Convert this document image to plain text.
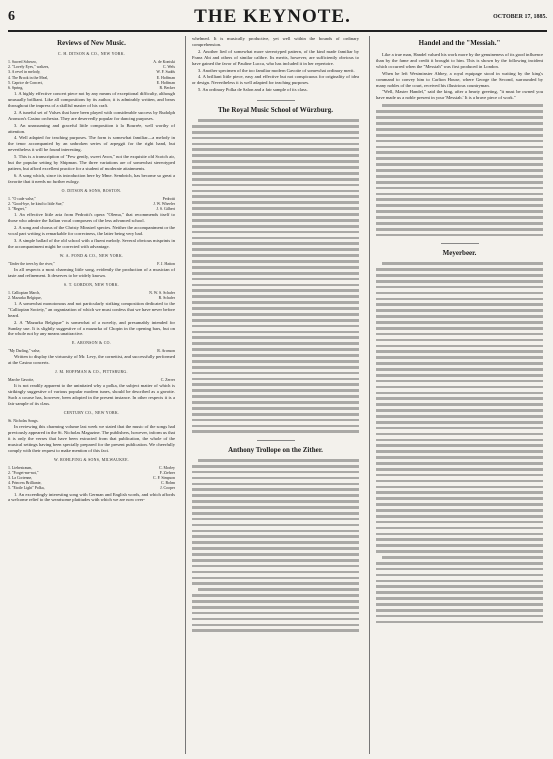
6	THE KEYNOTE.	OCTOBER 17, 1885.
Reviews of New Music.
C. H. DITSON & CO., NEW YORK.
1. Sacred Scherzo,	A. de Kontski
2. "Lovely Eyes," waltzes,	C. Wels
3. A revel in melody,	W. F. Sudds
4. The Brook in the Meal,	E. Hoffman
5. Caprice de Concert,	E. Hoffman
6. Spring,	R. Becker

1. A highly effective concert piece not by any means of exceptional difficulty, although unusually brilliant. Like all compositions by its author, it is admirably written, and bears throughout the impress of a skillful master of his craft.

2. A tuneful set of Valses that have been played with considerable success by Rudolph Aronson's Casino orchestra. They are deservedly popular for dancing purposes.

3. An unassuming and graceful little composition à la Bourrée, well worthy of attention.

4. Well adapted for teaching purposes. The form is somewhat familiar—a melody in the tenor accompanied by an unbroken series of arpeggii for the right hand, but nevertheless it will be found interesting.

5. This is a transcription of "Few gently, sweet Avon," not the exquisite old Scotch air, but the popular setting by Shipman. The three variations are of somewhat stereotyped pattern, but afford excellent practice for a student of moderate attainments.

6. A song which, since its introduction here by Mme. Sembrich, has become so great a favorite that it needs no further eulogy.

O. DITSON & SONS, BOSTON.
1. "O cade valse,"	Pedrotti
2. "Good-bye, be kind to little Sue,"	J. W. Wheeler
3. "Regret,"	J. S. Gilbert

1. An effective little aria from Pedrotti's opera "Olema," that recommends itself to those who admire the Italian vocal composers of the less advanced school.

2. A song and chorus of the Christy Minstrel species. Neither the accompaniment or the vocal part writing is remarkable for correctness, the latter being very bad.

3. A simple ballad of the old school with a fluent melody. Several obvious misprints in the accompaniment might be corrected with advantage.

W. A. POND & CO., NEW YORK.
"Under the trees by the river,"	F. J. Hatton

In all respects a most charming little song, evidently the production of a musician of taste and refinement. It deserves to be widely known.

S. T. GORDON, NEW YORK.
1. Calliopian March,	N. W. S. Schafer
2. Mazurka Belgique,	R. Schafer

1. A somewhat monotonous and not particularly striking composition dedicated to the "Calliopian Society," an organization of which we must confess that we have never before heard.

2. A "Mazurka Belgique" is somewhat of a novelty, and presumably intended for Sunday use. It is slightly suggestive of a mazurka of Chopin in the opening bars, but on the whole not by any means unattractive.

E. ARONSON & CO.
"My Darling," valse,	R. Aronson

Written to display the virtuosity of Mr. Levy, the cornettist, and successfully performed at the Casino concerts.

J. M. HOFFMAN & CO., PITTSBURG.
Marche Gavotte,	C. Zerrer

It is not readily apparent to the uninitated why a polka, the subject matter of which is strikingly suggestive of various popular modern tunes, should be described as a gavotte. Such a course has, however, been adopted in the present instance. In other respects it is a fair sample of its class.

CENTURY CO., NEW YORK.
St. Nicholas Songs.

In reviewing this charming volume last week we stated that the music of the songs had previously appeared in the St. Nicholas Magazine. The publishers, however, inform us that it is only the verses that have been extracted from that publication, the whole of the musical settings having been specially prepared for the present publication. We cheerfully comply with their request to make mention of this fact.

W. ROHLFING & SONS, MILWAUKEE.
1. Liebestraum,	C. Morley
2. "Forget-me-not,"	F. Ziehrer
3. La Cortenne,	C. F. Simpson
4. Princess Brilliante,	C. Bohm
5. "Etoile Light" Polka,	J. Cooper

1. An exceedingly interesting song with German and English words, and which affords a welcome relief to the wearisome platitudes with which we are now over-

whelmed. It is musically productive, yet well within the bounds of ordinary comprehension.

2. Another lied of somewhat more stereotyped pattern, of the kind made familiar by Franz Abt and others of similar calibre. Its merits, however, are sufficiently obvious to have gained the favor of Pauline Lucca, who has included it in her repertoire.

3. Another specimen of the too familiar modern Gavotte of somewhat ordinary merit.

4. A brilliant little piece, easy and effective but not conspicuous for originality of idea or design. Nevertheless it is well adapted for teaching purposes.

5. An ordinary Polka de Salon and a fair sample of its class.

The Royal Music School of Würzburg.
Anthony Trollope on the Zither.
Handel and the "Messiah."

Like a true man, Handel valued his work more by the genuineness of its good influence than by the fame and credit it brought to him. This is shown by the following incident which occurred when the "Messiah" was first produced in London.

When he left Westminster Abbey, a royal equipage stood in waiting by the king's command to convey him to Carlton House, where George the Second, surrounded by many nobles of the court, received his illustrious countryman.

"Well, Master Handel," said the king, after a hearty greeting, "it must be owned you have made us a noble present in your 'Messiah.' It is a brave piece of work."

Meyerbeer.
